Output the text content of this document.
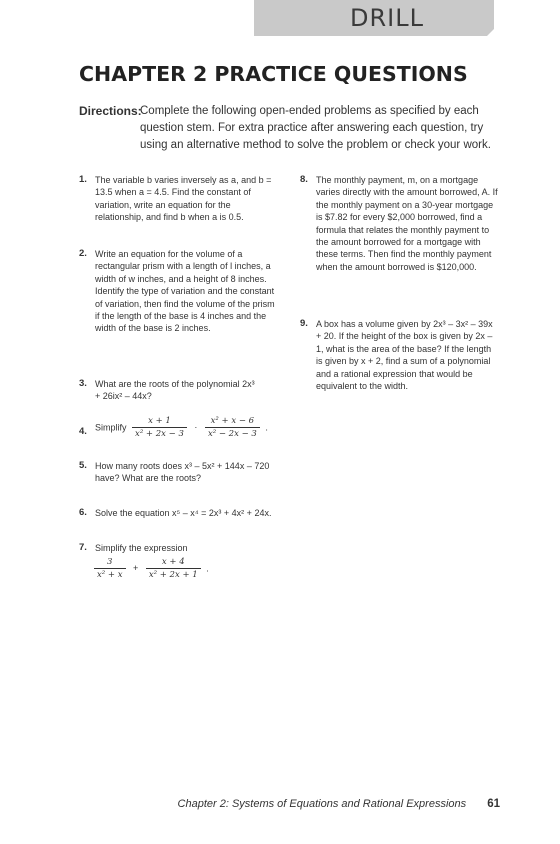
DRILL
CHAPTER 2 PRACTICE QUESTIONS
Directions:
Complete the following open-ended problems as specified by each question stem. For extra practice after answering each question, try using an alternative method to solve the problem or check your work.
1. The variable b varies inversely as a, and b = 13.5 when a = 4.5. Find the constant of variation, write an equation for the relationship, and find b when a is 0.5.
2. Write an equation for the volume of a rectangular prism with a length of l inches, a width of w inches, and a height of 8 inches. Identify the type of variation and the constant of variation, then find the volume of the prism if the length of the base is 4 inches and the width of the base is 2 inches.
3. What are the roots of the polynomial 2x³ + 26ix² – 44x?
4. Simplify $\frac{x + 1}{\text{x² + 2x − 3}} \cdot \frac{\text{x² + x − 6}}{\text{x² − 2x − 3}}$ .
5. How many roots does x³ – 5x² + 144x – 720 have? What are the roots?
6. Solve the equation x⁵ – x⁴ = 2x³ + 4x² + 24x.
7. Simplify the expression
$\frac{3}{\text{x² + x}} + \frac{x + 4}{\text{x² + 2x + 1}}$ .
8. The monthly payment, m, on a mortgage varies directly with the amount borrowed, A. If the monthly payment on a 30-year mortgage is $7.82 for every $2,000 borrowed, find a formula that relates the monthly payment to the amount borrowed for a mortgage with these terms. Then find the monthly payment when the amount borrowed is $120,000.
9. A box has a volume given by 2x³ – 3x² – 39x + 20. If the height of the box is given by 2x – 1, what is the area of the base? If the length is given by x + 2, find a sum of a polynomial and a rational expression that would be equivalent to the width.
Chapter 2: Systems of Equations and Rational Expressions 61
